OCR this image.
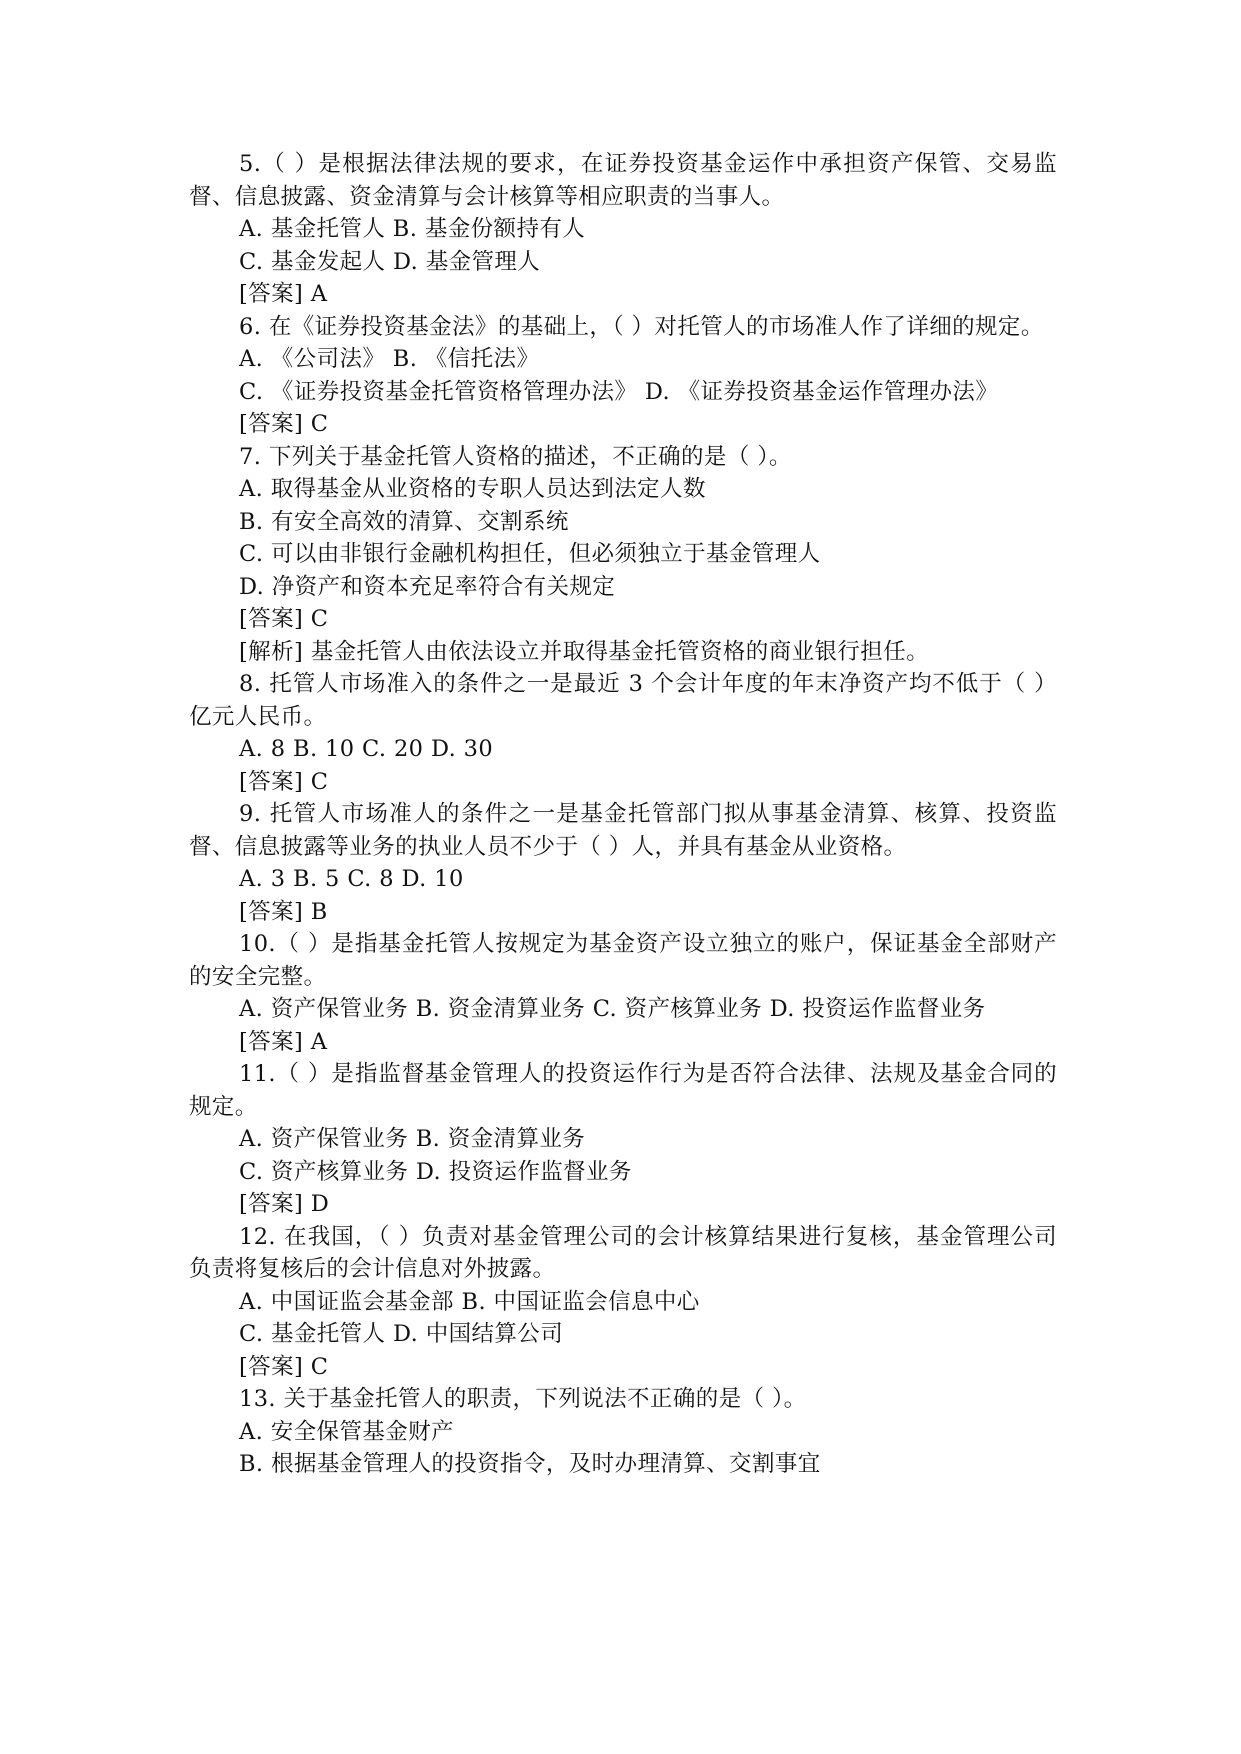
5.（ ）是根据法律法规的要求，在证券投资基金运作中承担资产保管、交易监督、信息披露、资金清算与会计核算等相应职责的当事人。

A. 基金托管人 B. 基金份额持有人

C. 基金发起人 D. 基金管理人

[答案] A

6. 在《证券投资基金法》的基础上，（ ）对托管人的市场准人作了详细的规定。

A. 《公司法》 B. 《信托法》

C. 《证券投资基金托管资格管理办法》 D. 《证券投资基金运作管理办法》

[答案] C

7. 下列关于基金托管人资格的描述，不正确的是（ ）。

A. 取得基金从业资格的专职人员达到法定人数

B. 有安全高效的清算、交割系统

C. 可以由非银行金融机构担任，但必须独立于基金管理人

D. 净资产和资本充足率符合有关规定

[答案] C

[解析] 基金托管人由依法设立并取得基金托管资格的商业银行担任。

8. 托管人市场准入的条件之一是最近 3 个会计年度的年末净资产均不低于（ ）亿元人民币。

A. 8 B. 10 C. 20 D. 30

[答案] C

9. 托管人市场准人的条件之一是基金托管部门拟从事基金清算、核算、投资监督、信息披露等业务的执业人员不少于（ ）人，并具有基金从业资格。

A. 3 B. 5 C. 8 D. 10

[答案] B

10.（ ）是指基金托管人按规定为基金资产设立独立的账户，保证基金全部财产的安全完整。

A. 资产保管业务 B. 资金清算业务 C. 资产核算业务 D. 投资运作监督业务

[答案] A

11.（ ）是指监督基金管理人的投资运作行为是否符合法律、法规及基金合同的规定。

A. 资产保管业务 B. 资金清算业务

C. 资产核算业务 D. 投资运作监督业务

[答案] D

12. 在我国，（ ）负责对基金管理公司的会计核算结果进行复核，基金管理公司负责将复核后的会计信息对外披露。

A. 中国证监会基金部 B. 中国证监会信息中心

C. 基金托管人 D. 中国结算公司

[答案] C

13. 关于基金托管人的职责，下列说法不正确的是（ ）。

A. 安全保管基金财产

B. 根据基金管理人的投资指令，及时办理清算、交割事宜
